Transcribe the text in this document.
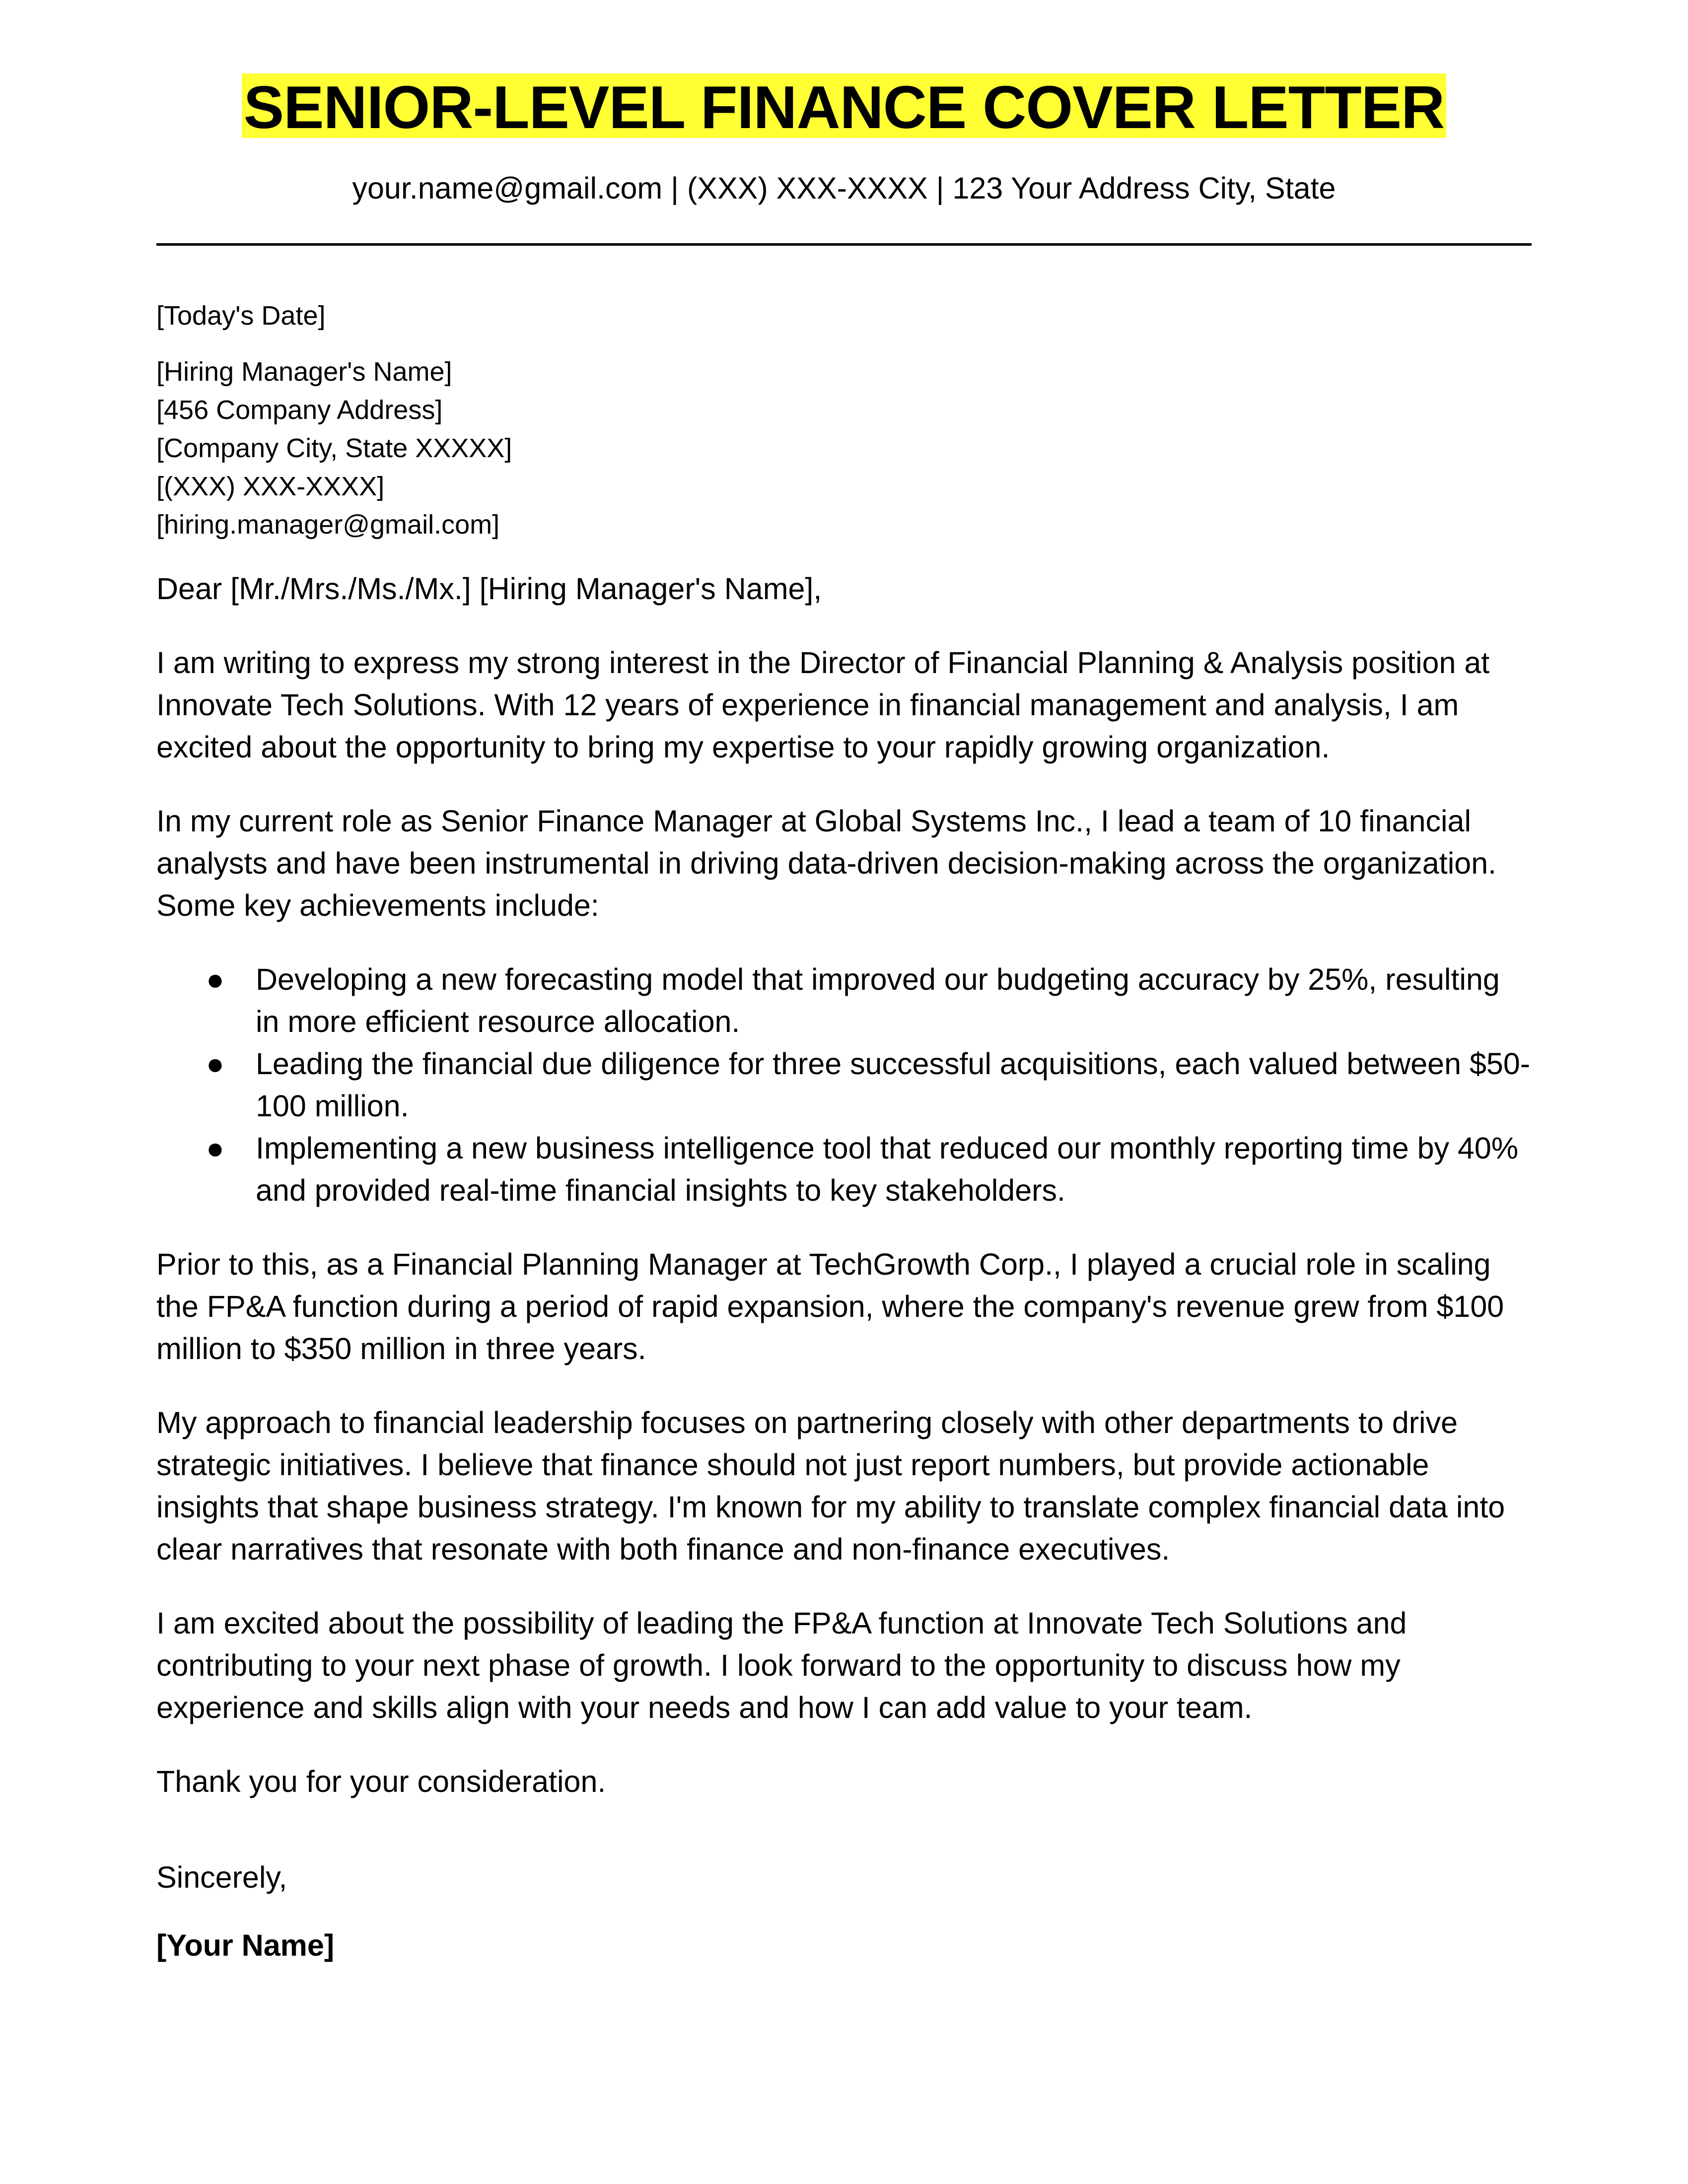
SENIOR-LEVEL FINANCE COVER LETTER
your.name@gmail.com | (XXX) XXX-XXXX | 123 Your Address City, State
[Today's Date]
[Hiring Manager's Name]
[456 Company Address]
[Company City, State XXXXX]
[(XXX) XXX-XXXX]
[hiring.manager@gmail.com]
Dear [Mr./Mrs./Ms./Mx.] [Hiring Manager's Name],
I am writing to express my strong interest in the Director of Financial Planning & Analysis position at Innovate Tech Solutions. With 12 years of experience in financial management and analysis, I am excited about the opportunity to bring my expertise to your rapidly growing organization.
In my current role as Senior Finance Manager at Global Systems Inc., I lead a team of 10 financial analysts and have been instrumental in driving data-driven decision-making across the organization. Some key achievements include:
● Developing a new forecasting model that improved our budgeting accuracy by 25%, resulting in more efficient resource allocation.
● Leading the financial due diligence for three successful acquisitions, each valued between $50-100 million.
● Implementing a new business intelligence tool that reduced our monthly reporting time by 40% and provided real-time financial insights to key stakeholders.
Prior to this, as a Financial Planning Manager at TechGrowth Corp., I played a crucial role in scaling the FP&A function during a period of rapid expansion, where the company's revenue grew from $100 million to $350 million in three years.
My approach to financial leadership focuses on partnering closely with other departments to drive strategic initiatives. I believe that finance should not just report numbers, but provide actionable insights that shape business strategy. I'm known for my ability to translate complex financial data into clear narratives that resonate with both finance and non-finance executives.
I am excited about the possibility of leading the FP&A function at Innovate Tech Solutions and contributing to your next phase of growth. I look forward to the opportunity to discuss how my experience and skills align with your needs and how I can add value to your team.
Thank you for your consideration.
Sincerely,
[Your Name]
